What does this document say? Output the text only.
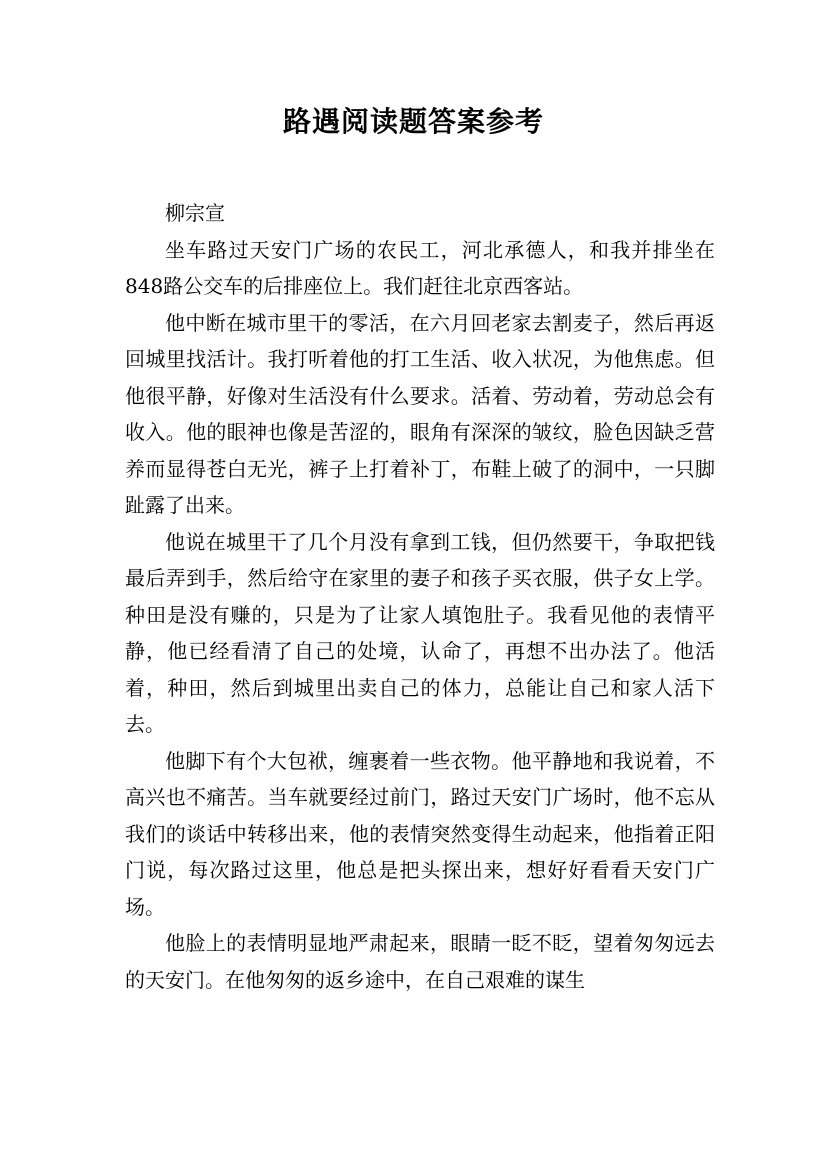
路遇阅读题答案参考

柳宗宣

坐车路过天安门广场的农民工，河北承德人，和我并排坐在848路公交车的后排座位上。我们赶往北京西客站。

他中断在城市里干的零活，在六月回老家去割麦子，然后再返回城里找活计。我打听着他的打工生活、收入状况，为他焦虑。但他很平静，好像对生活没有什么要求。活着、劳动着，劳动总会有收入。他的眼神也像是苦涩的，眼角有深深的皱纹，脸色因缺乏营养而显得苍白无光，裤子上打着补丁，布鞋上破了的洞中，一只脚趾露了出来。

他说在城里干了几个月没有拿到工钱，但仍然要干，争取把钱最后弄到手，然后给守在家里的妻子和孩子买衣服，供子女上学。种田是没有赚的，只是为了让家人填饱肚子。我看见他的表情平静，他已经看清了自己的处境，认命了，再想不出办法了。他活着，种田，然后到城里出卖自己的体力，总能让自己和家人活下去。

他脚下有个大包袱，缠裹着一些衣物。他平静地和我说着，不高兴也不痛苦。当车就要经过前门，路过天安门广场时，他不忘从我们的谈话中转移出来，他的表情突然变得生动起来，他指着正阳门说，每次路过这里，他总是把头探出来，想好好看看天安门广场。

他脸上的表情明显地严肃起来，眼睛一眨不眨，望着匆匆远去的天安门。在他匆匆的返乡途中，在自己艰难的谋生
